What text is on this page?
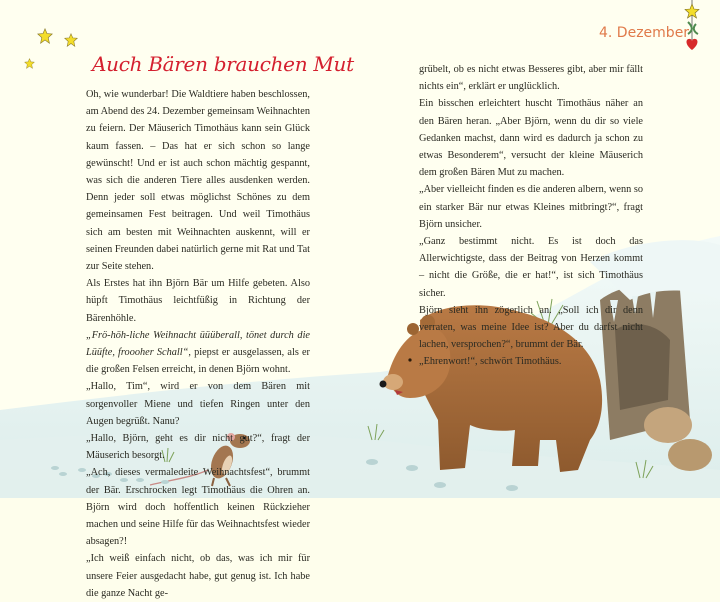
Auch Bären brauchen Mut
4. Dezember

Oh, wie wunderbar! Die Waldtiere haben beschlossen, am Abend des 24. Dezember gemeinsam Weihnachten zu feiern. Der Mäuserich Timothäus kann sein Glück kaum fassen. – Das hat er sich schon so lange gewünscht! Und er ist auch schon mächtig gespannt, was sich die anderen Tiere alles ausdenken werden. Denn jeder soll etwas möglichst Schönes zu dem gemeinsamen Fest beitragen. Und weil Timothäus sich am besten mit Weihnachten auskennt, will er seinen Freunden dabei natürlich gerne mit Rat und Tat zur Seite stehen.

Als Erstes hat ihn Björn Bär um Hilfe gebeten. Also hüpft Timothäus leichtfüßig in Richtung der Bärenhöhle.

„Frö-höh-liche Weihnacht üüüberall, tönet durch die Lüüfte, froooher Schall“, piepst er ausgelassen, als er die großen Felsen erreicht, in denen Björn wohnt.

„Hallo, Tim“, wird er von dem Bären mit sorgenvoller Miene und tiefen Ringen unter den Augen begrüßt. Nanu?

„Hallo, Björn, geht es dir nicht gut?“, fragt der Mäuserich besorgt.

„Ach, dieses vermaledeite Weihnachtsfest“, brummt der Bär. Erschrocken legt Timothäus die Ohren an. Björn wird doch hoffentlich keinen Rückzieher machen und seine Hilfe für das Weihnachtsfest wieder absagen?!

„Ich weiß einfach nicht, ob das, was ich mir für unsere Feier ausgedacht habe, gut genug ist. Ich habe die ganze Nacht ge-

grübelt, ob es nicht etwas Besseres gibt, aber mir fällt nichts ein“, erklärt er unglücklich.

Ein bisschen erleichtert huscht Timothäus näher an den Bären heran. „Aber Björn, wenn du dir so viele Gedanken machst, dann wird es dadurch ja schon zu etwas Besonderem“, versucht der kleine Mäuserich dem großen Bären Mut zu machen.

„Aber vielleicht finden es die anderen albern, wenn so ein starker Bär nur etwas Kleines mitbringt?“, fragt Björn unsicher.

„Ganz bestimmt nicht. Es ist doch das Allerwichtigste, dass der Beitrag von Herzen kommt – nicht die Größe, die er hat!“, ist sich Timothäus sicher.

Björn sieht ihn zögerlich an. „Soll ich dir denn verraten, was meine Idee ist? Aber du darfst nicht lachen, versprochen?“, brummt der Bär.

„Ehrenwort!“, schwört Timothäus.
